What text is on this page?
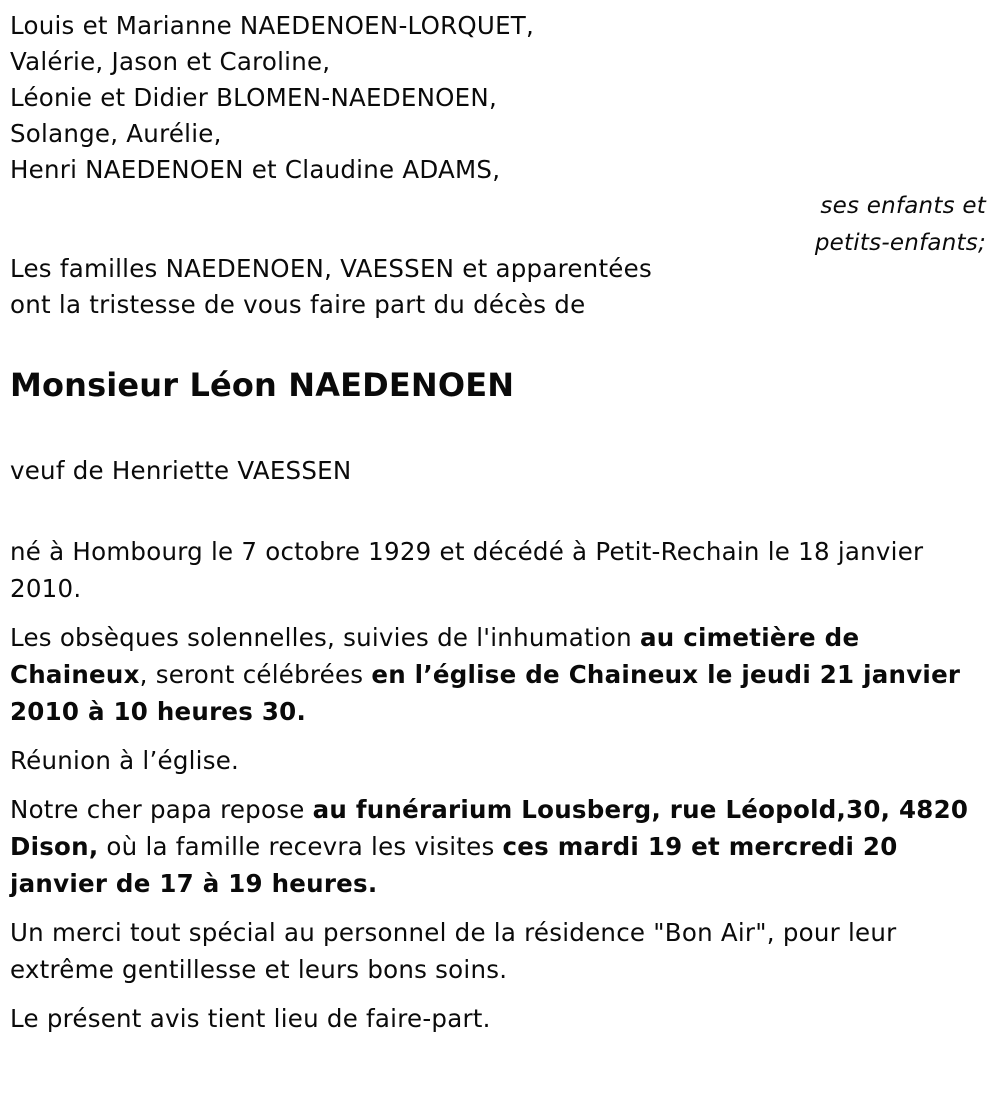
Louis et Marianne NAEDENOEN-LORQUET,
Valérie, Jason et Caroline,
Léonie et Didier BLOMEN-NAEDENOEN,
Solange, Aurélie,
Henri NAEDENOEN et Claudine ADAMS,
ses enfants et
petits-enfants;
Les familles NAEDENOEN, VAESSEN et apparentées
ont la tristesse de vous faire part du décès de
Monsieur Léon NAEDENOEN
veuf de Henriette VAESSEN

né à Hombourg le 7 octobre 1929 et décédé à Petit-Rechain le 18 janvier 2010.

Les obsèques solennelles, suivies de l'inhumation au cimetière de Chaineux, seront célébrées en l’église de Chaineux le jeudi 21 janvier 2010 à 10 heures 30.

Réunion à l’église.

Notre cher papa repose au funérarium Lousberg, rue Léopold,30, 4820 Dison, où la famille recevra les visites ces mardi 19 et mercredi 20 janvier de 17 à 19 heures.

Un merci tout spécial au personnel de la résidence "Bon Air", pour leur extrême gentillesse et leurs bons soins.

Le présent avis tient lieu de faire-part.
